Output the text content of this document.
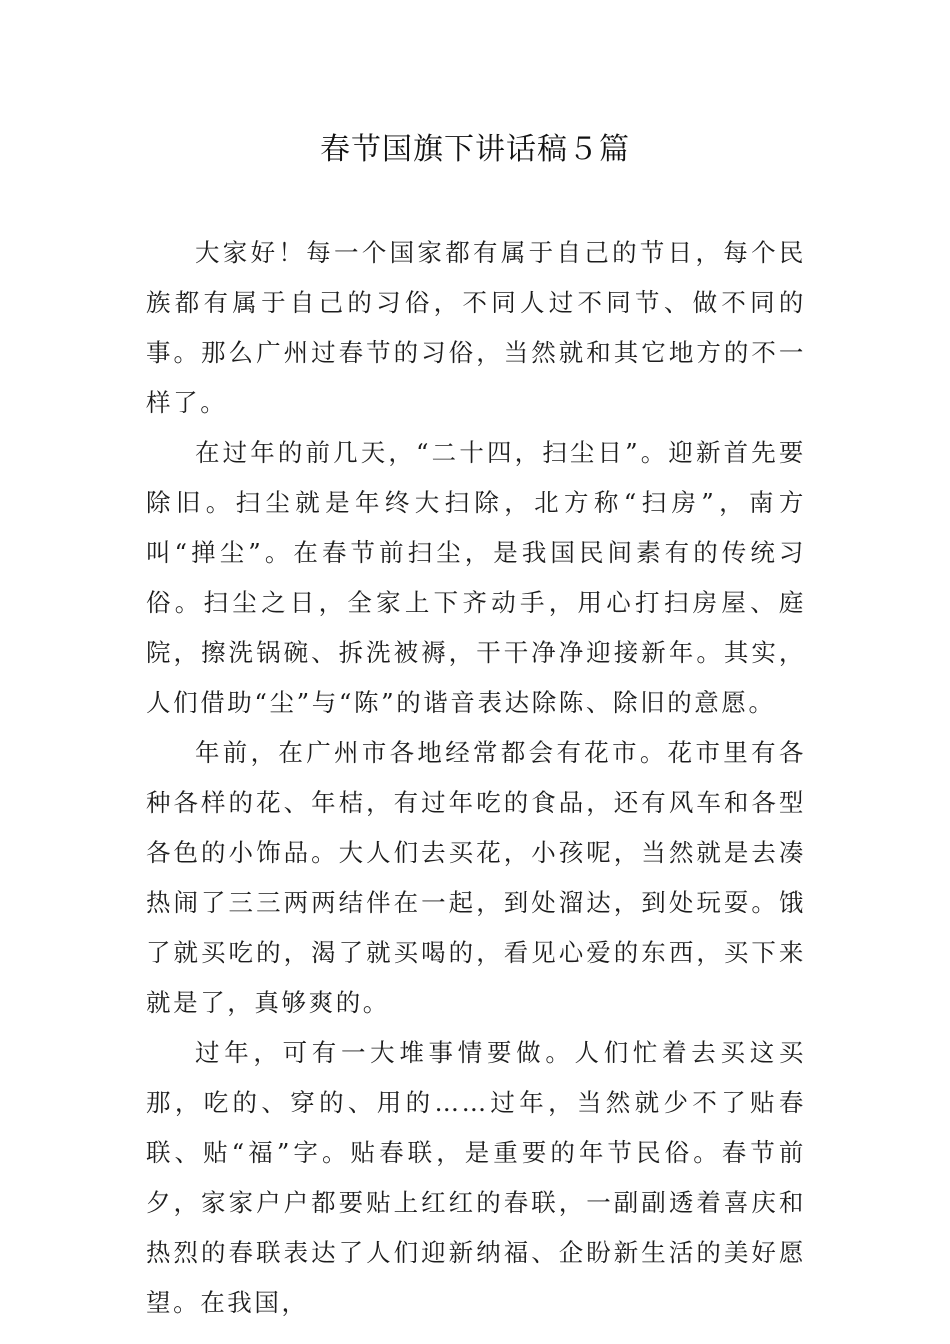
春节国旗下讲话稿５篇

大家好！每一个国家都有属于自己的节日，每个民族都有属于自己的习俗，不同人过不同节、做不同的事。那么广州过春节的习俗，当然就和其它地方的不一样了。

在过年的前几天，“二十四，扫尘日”。迎新首先要除旧。扫尘就是年终大扫除，北方称“扫房”，南方叫“掸尘”。在春节前扫尘，是我国民间素有的传统习俗。扫尘之日，全家上下齐动手，用心打扫房屋、庭院，擦洗锅碗、拆洗被褥，干干净净迎接新年。其实，人们借助“尘”与“陈”的谐音表达除陈、除旧的意愿。

年前，在广州市各地经常都会有花市。花市里有各种各样的花、年桔，有过年吃的食品，还有风车和各型各色的小饰品。大人们去买花，小孩呢，当然就是去凑热闹了三三两两结伴在一起，到处溜达，到处玩耍。饿了就买吃的，渴了就买喝的，看见心爱的东西，买下来就是了，真够爽的。

过年，可有一大堆事情要做。人们忙着去买这买那，吃的、穿的、用的……过年，当然就少不了贴春联、贴“福”字。贴春联，是重要的年节民俗。春节前夕，家家户户都要贴上红红的春联，一副副透着喜庆和热烈的春联表达了人们迎新纳福、企盼新生活的美好愿望。在我国，
